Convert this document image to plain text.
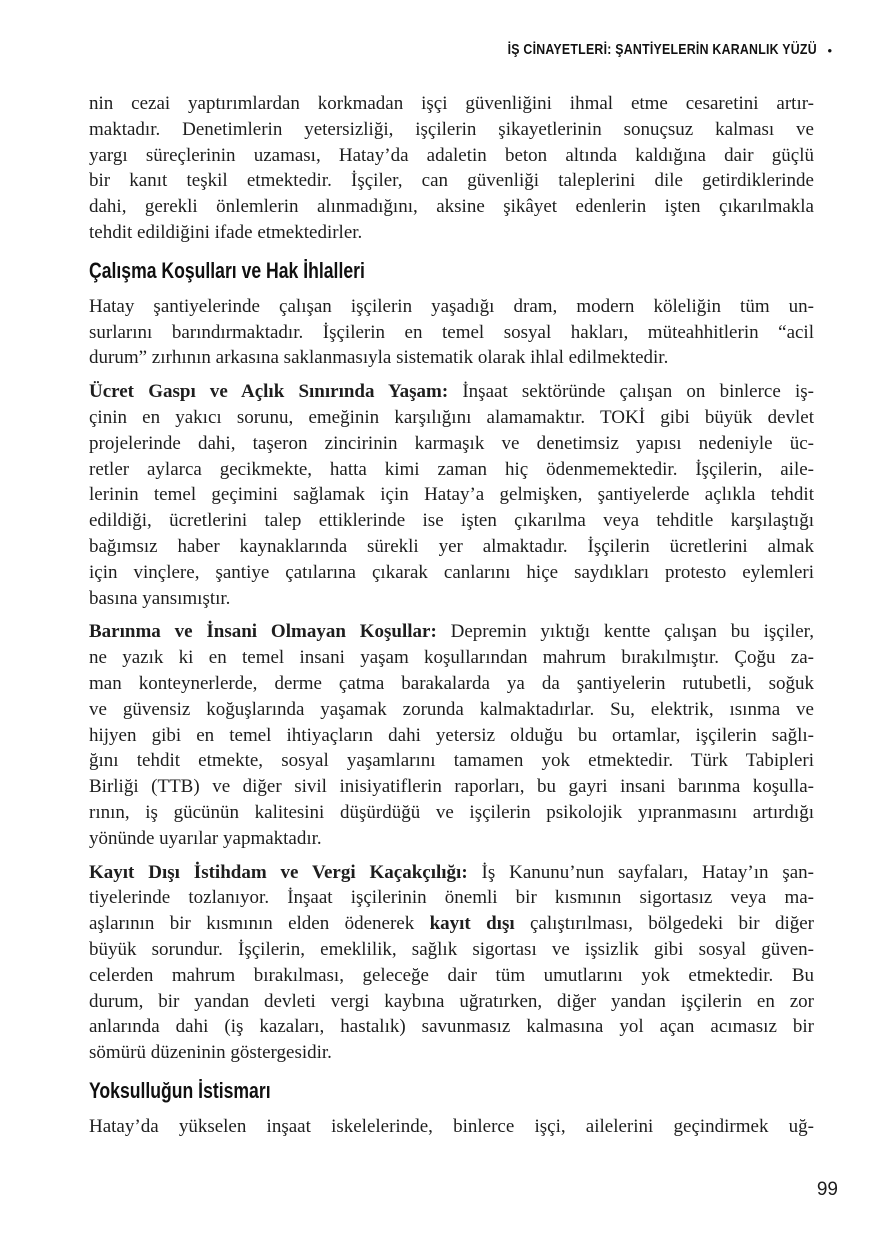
İŞ CİNAYETLERİ: ŞANTİYELERİN KARANLIK YÜZÜ •
nin cezai yaptırımlardan korkmadan işçi güvenliğini ihmal etme cesaretini artır-
maktadır. Denetimlerin yetersizliği, işçilerin şikayetlerinin sonuçsuz kalması ve
yargı süreçlerinin uzaması, Hatay’da adaletin beton altında kaldığına dair güçlü
bir kanıt teşkil etmektedir. İşçiler, can güvenliği taleplerini dile getirdiklerinde
dahi, gerekli önlemlerin alınmadığını, aksine şikâyet edenlerin işten çıkarılmakla
tehdit edildiğini ifade etmektedirler.
Çalışma Koşulları ve Hak İhlalleri
Hatay şantiyelerinde çalışan işçilerin yaşadığı dram, modern köleliğin tüm un-
surlarını barındırmaktadır. İşçilerin en temel sosyal hakları, müteahhitlerin “acil
durum” zırhının arkasına saklanmasıyla sistematik olarak ihlal edilmektedir.
Ücret Gaspı ve Açlık Sınırında Yaşam: İnşaat sektöründe çalışan on binlerce iş-
çinin en yakıcı sorunu, emeğinin karşılığını alamamaktır. TOKİ gibi büyük devlet
projelerinde dahi, taşeron zincirinin karmaşık ve denetimsiz yapısı nedeniyle üc-
retler aylarca gecikmekte, hatta kimi zaman hiç ödenmemektedir. İşçilerin, aile-
lerinin temel geçimini sağlamak için Hatay’a gelmişken, şantiyelerde açlıkla tehdit
edildiği, ücretlerini talep ettiklerinde ise işten çıkarılma veya tehditle karşılaştığı
bağımsız haber kaynaklarında sürekli yer almaktadır. İşçilerin ücretlerini almak
için vinçlere, şantiye çatılarına çıkarak canlarını hiçe saydıkları protesto eylemleri
basına yansımıştır.
Barınma ve İnsani Olmayan Koşullar: Depremin yıktığı kentte çalışan bu işçiler,
ne yazık ki en temel insani yaşam koşullarından mahrum bırakılmıştır. Çoğu za-
man konteynerlerde, derme çatma barakalarda ya da şantiyelerin rutubetli, soğuk
ve güvensiz koğuşlarında yaşamak zorunda kalmaktadırlar. Su, elektrik, ısınma ve
hijyen gibi en temel ihtiyaçların dahi yetersiz olduğu bu ortamlar, işçilerin sağlı-
ğını tehdit etmekte, sosyal yaşamlarını tamamen yok etmektedir. Türk Tabipleri
Birliği (TTB) ve diğer sivil inisiyatiflerin raporları, bu gayri insani barınma koşulla-
rının, iş gücünün kalitesini düşürdüğü ve işçilerin psikolojik yıpranmasını artırdığı
yönünde uyarılar yapmaktadır.
Kayıt Dışı İstihdam ve Vergi Kaçakçılığı: İş Kanunu’nun sayfaları, Hatay’ın şan-
tiyelerinde tozlanıyor. İnşaat işçilerinin önemli bir kısmının sigortasız veya ma-
aşlarının bir kısmının elden ödenerek kayıt dışı çalıştırılması, bölgedeki bir diğer
büyük sorundur. İşçilerin, emeklilik, sağlık sigortası ve işsizlik gibi sosyal güven-
celerden mahrum bırakılması, geleceğe dair tüm umutlarını yok etmektedir. Bu
durum, bir yandan devleti vergi kaybına uğratırken, diğer yandan işçilerin en zor
anlarında dahi (iş kazaları, hastalık) savunmasız kalmasına yol açan acımasız bir
sömürü düzeninin göstergesidir.
Yoksulluğun İstismarı
Hatay’da yükselen inşaat iskelelerinde, binlerce işçi, ailelerini geçindirmek uğ-
99
